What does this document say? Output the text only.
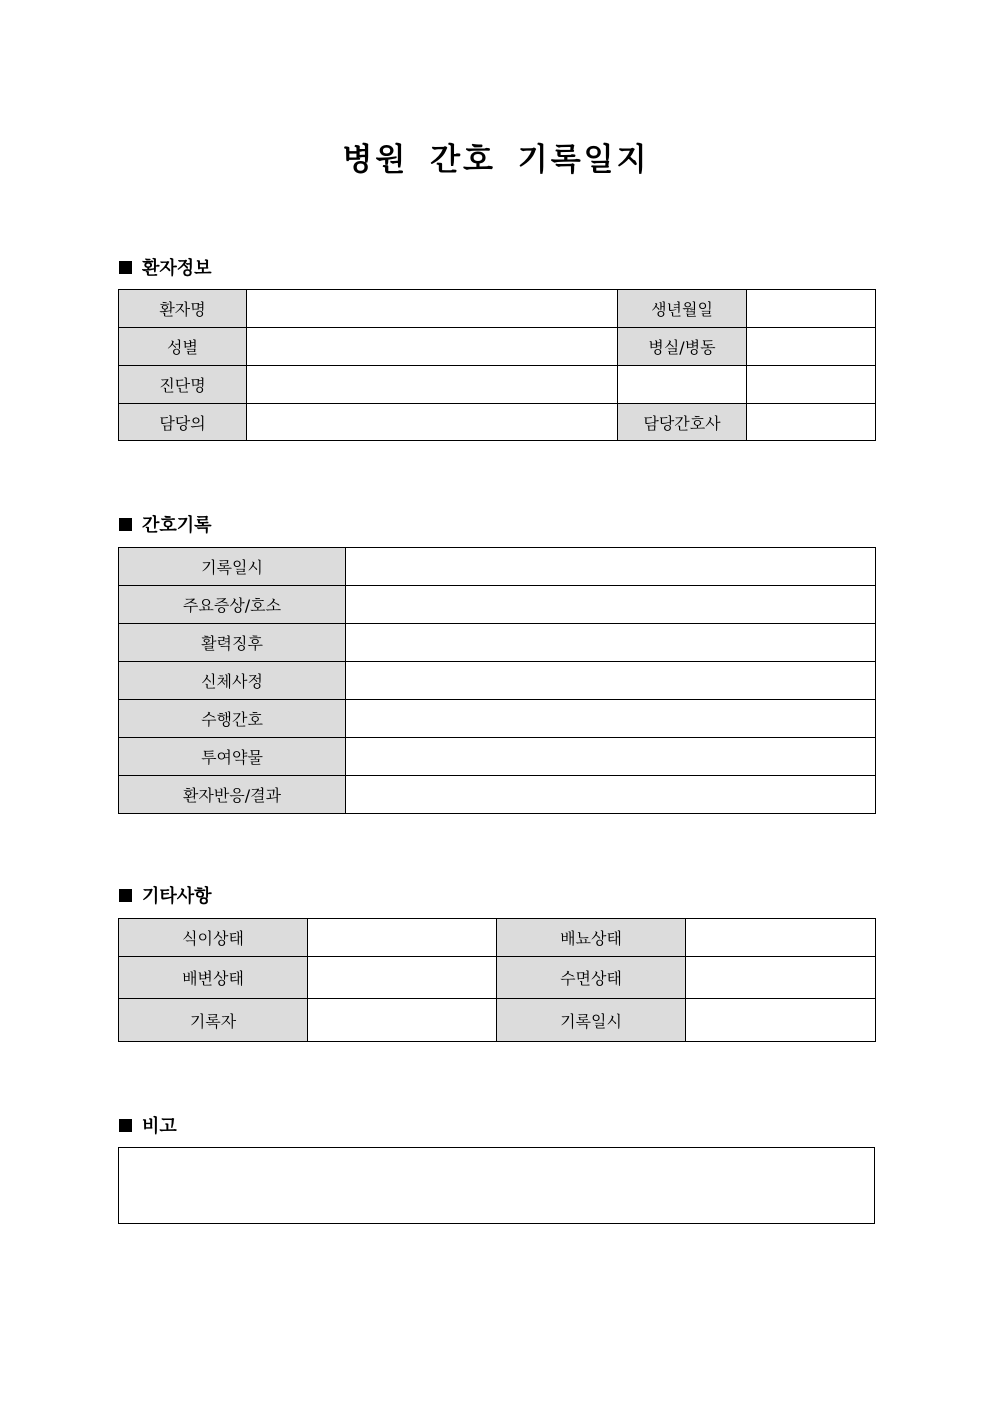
병원 간호 기록일지
환자정보
환자명		생년월일	
성별		병실/병동	
진단명			
담당의		담당간호사	
간호기록
기록일시	
주요증상/호소	
활력징후	
신체사정	
수행간호	
투여약물	
환자반응/결과	
기타사항
식이상태		배뇨상태	
배변상태		수면상태	
기록자		기록일시	
비고
